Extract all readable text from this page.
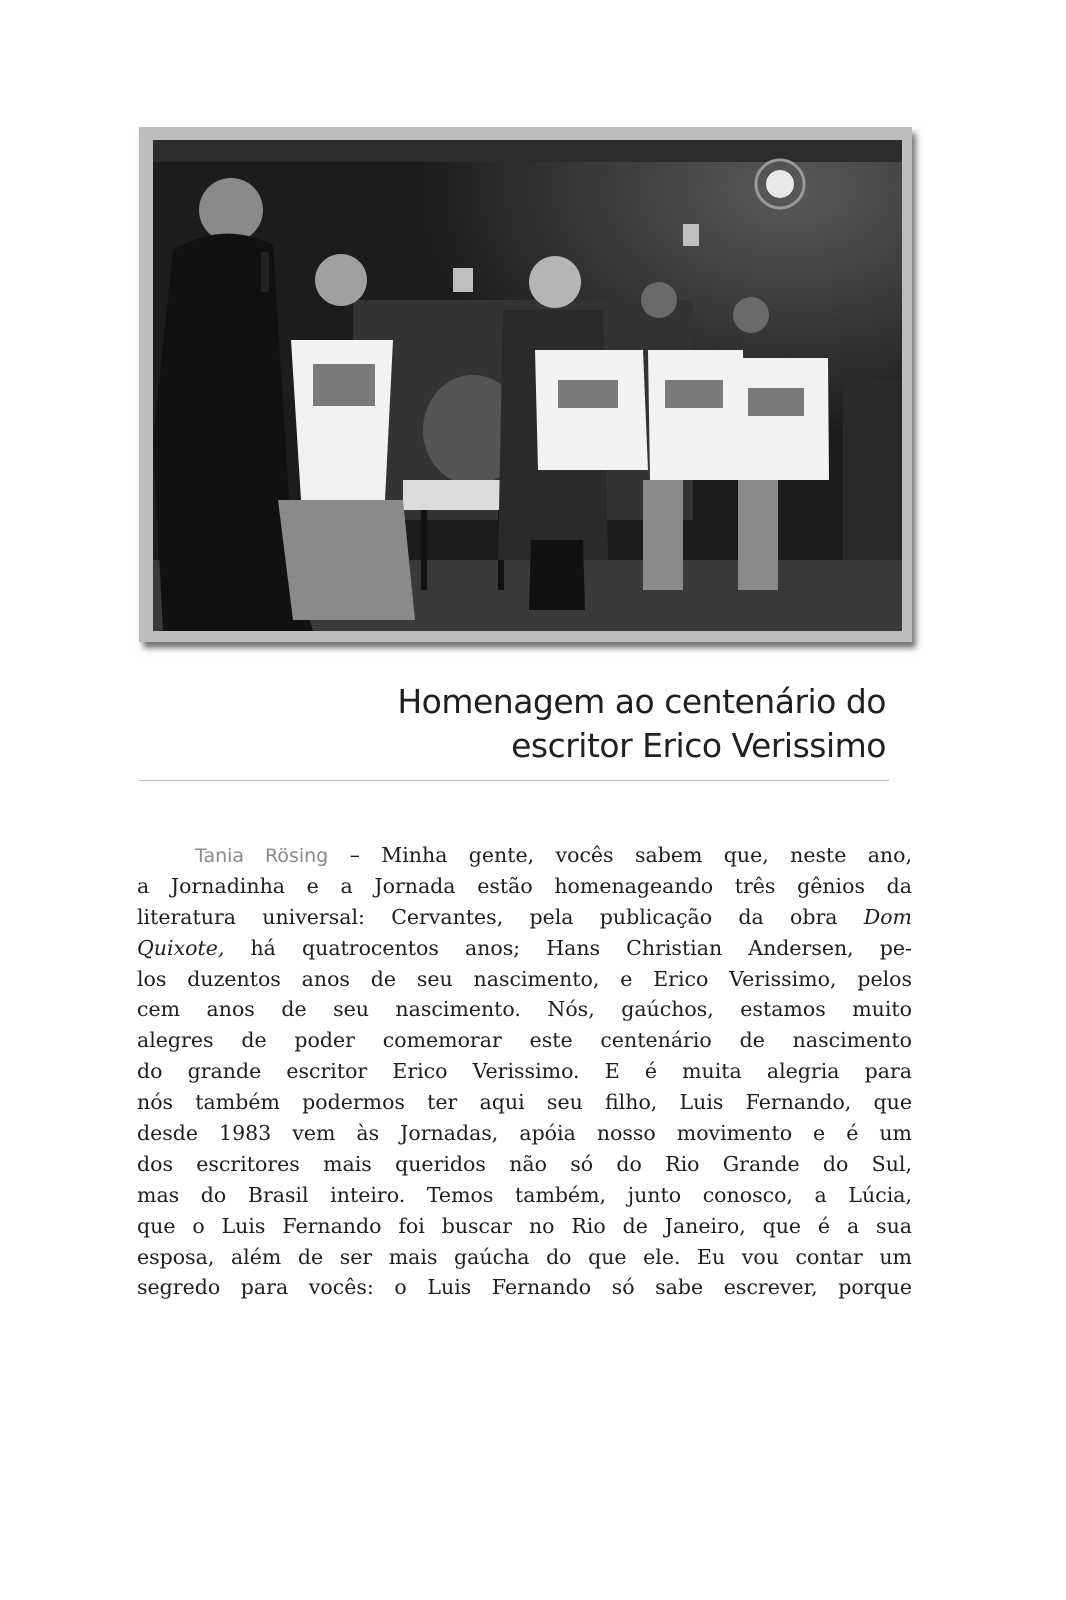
Homenagem ao centenário do
escritor Erico Verissimo
Tania Rösing – Minha gente, vocês sabem que, neste ano,
a Jornadinha e a Jornada estão homenageando três gênios da
literatura universal: Cervantes, pela publicação da obra Dom
Quixote, há quatrocentos anos; Hans Christian Andersen, pe-
los duzentos anos de seu nascimento, e Erico Verissimo, pelos
cem anos de seu nascimento. Nós, gaúchos, estamos muito
alegres de poder comemorar este centenário de nascimento
do grande escritor Erico Verissimo. E é muita alegria para
nós também podermos ter aqui seu filho, Luis Fernando, que
desde 1983 vem às Jornadas, apóia nosso movimento e é um
dos escritores mais queridos não só do Rio Grande do Sul,
mas do Brasil inteiro. Temos também, junto conosco, a Lúcia,
que o Luis Fernando foi buscar no Rio de Janeiro, que é a sua
esposa, além de ser mais gaúcha do que ele. Eu vou contar um
segredo para vocês: o Luis Fernando só sabe escrever, porque
